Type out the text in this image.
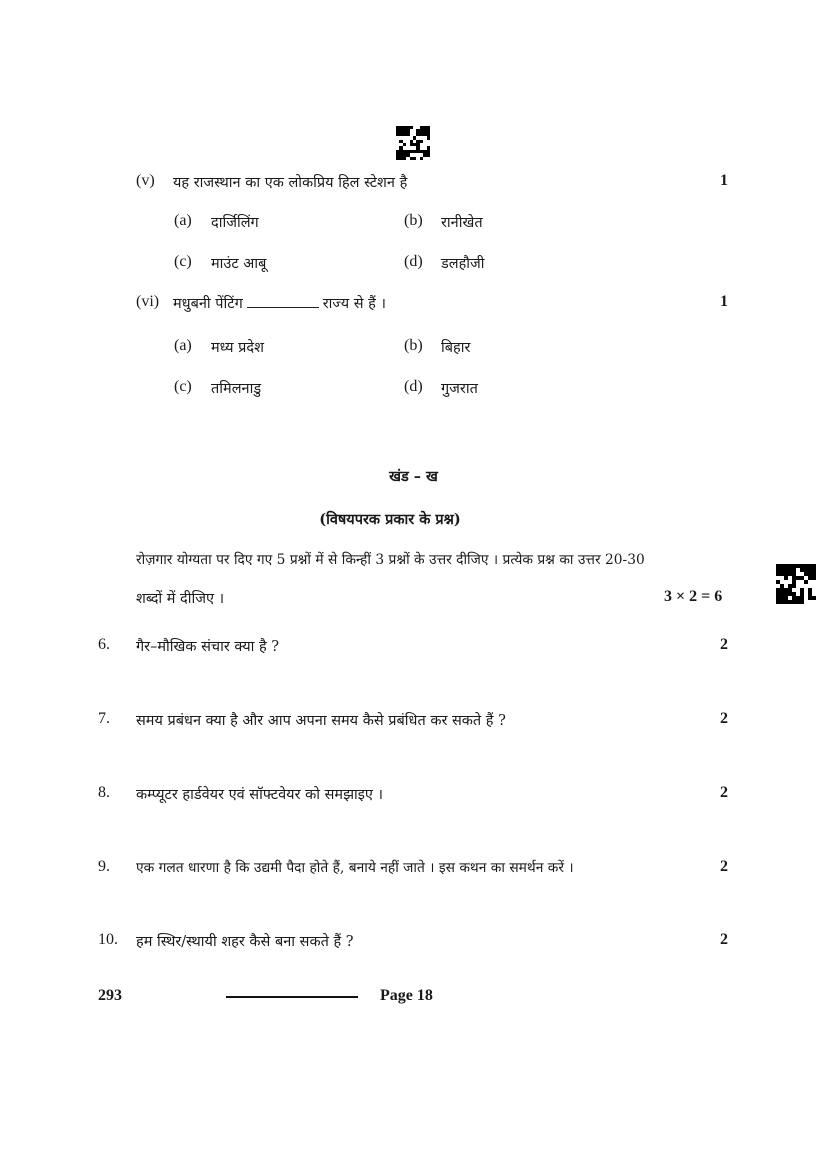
(v) यह राजस्थान का एक लोकप्रिय हिल स्टेशन है	1
(a) दार्जिलिंग	(b) रानीखेत
(c) माउंट आबू	(d) डलहौजी
(vi) मधुबनी पेंटिंग	राज्य से हैं ।	1
(a) मध्य प्रदेश	(b) बिहार
(c) तमिलनाडु	(d) गुजरात
खंड – ख
(विषयपरक प्रकार के प्रश्न)
रोज़गार योग्यता पर दिए गए 5 प्रश्नों में से किन्हीं 3 प्रश्नों के उत्तर दीजिए । प्रत्येक प्रश्न का उत्तर 20-30
शब्दों में दीजिए ।	3 × 2 = 6
6. गैर–मौखिक संचार क्या है ?	2
7. समय प्रबंधन क्या है और आप अपना समय कैसे प्रबंधित कर सकते हैं ?	2
8. कम्प्यूटर हार्डवेयर एवं सॉफ्टवेयर को समझाइए ।	2
9. एक गलत धारणा है कि उद्यमी पैदा होते हैं, बनाये नहीं जाते । इस कथन का समर्थन करें ।	2
10. हम स्थिर/स्थायी शहर कैसे बना सकते हैं ?	2
293	Page 18
